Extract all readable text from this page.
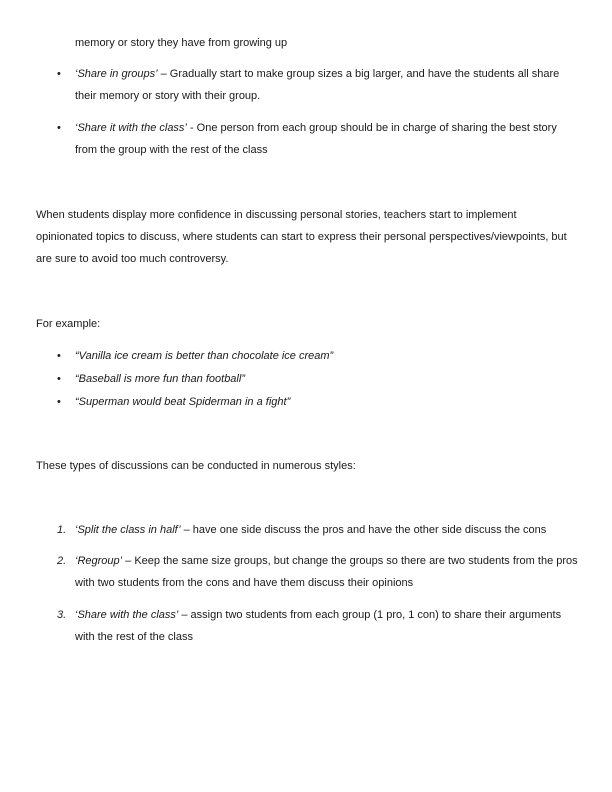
memory or story they have from growing up
• ‘Share in groups’ – Gradually start to make group sizes a big larger, and have the students all share
their memory or story with their group.
• ‘Share it with the class’ - One person from each group should be in charge of sharing the best story
from the group with the rest of the class
When students display more confidence in discussing personal stories, teachers start to implement
opinionated topics to discuss, where students can start to express their personal perspectives/viewpoints, but
are sure to avoid too much controversy.
For example:
• “Vanilla ice cream is better than chocolate ice cream”
• “Baseball is more fun than football”
• “Superman would beat Spiderman in a fight”
These types of discussions can be conducted in numerous styles:
1. ‘Split the class in half’ – have one side discuss the pros and have the other side discuss the cons
2. ‘Regroup’ – Keep the same size groups, but change the groups so there are two students from the pros
with two students from the cons and have them discuss their opinions
3. ‘Share with the class’ – assign two students from each group (1 pro, 1 con) to share their arguments
with the rest of the class
